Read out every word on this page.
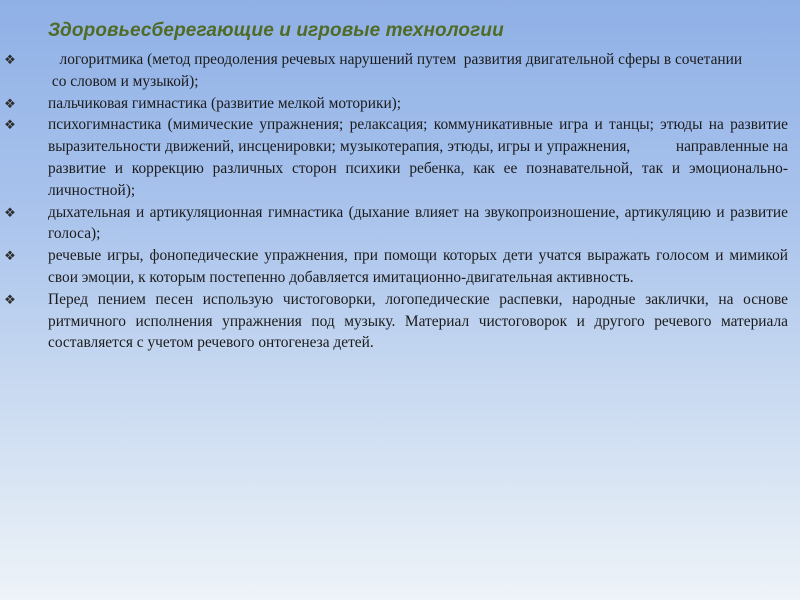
Здоровьесберегающие и игровые технологии
❖	логоритмика (метод преодоления речевых нарушений путем  развития двигательной сферы в сочетании
со словом и музыкой);
❖ пальчиковая гимнастика (развитие мелкой моторики);
❖ психогимнастика (мимические упражнения; релаксация; коммуникативные игра и танцы; этюды на развитие выразительности движений, инсценировки; музыкотерапия, этюды, игры и упражнения,           направленные на развитие и коррекцию различных сторон психики ребенка, как ее познавательной, так и эмоционально- личностной);
❖ дыхательная и артикуляционная гимнастика (дыхание влияет на звукопроизношение, артикуляцию и развитие голоса);
❖ речевые игры, фонопедические упражнения, при помощи которых дети учатся выражать голосом и мимикой свои эмоции, к которым постепенно добавляется имитационно-двигательная активность.
❖ Перед пением песен использую чистоговорки, логопедические распевки, народные заклички, на основе ритмичного исполнения упражнения под музыку. Материал чистоговорок и другого речевого материала составляется с учетом речевого онтогенеза детей.
